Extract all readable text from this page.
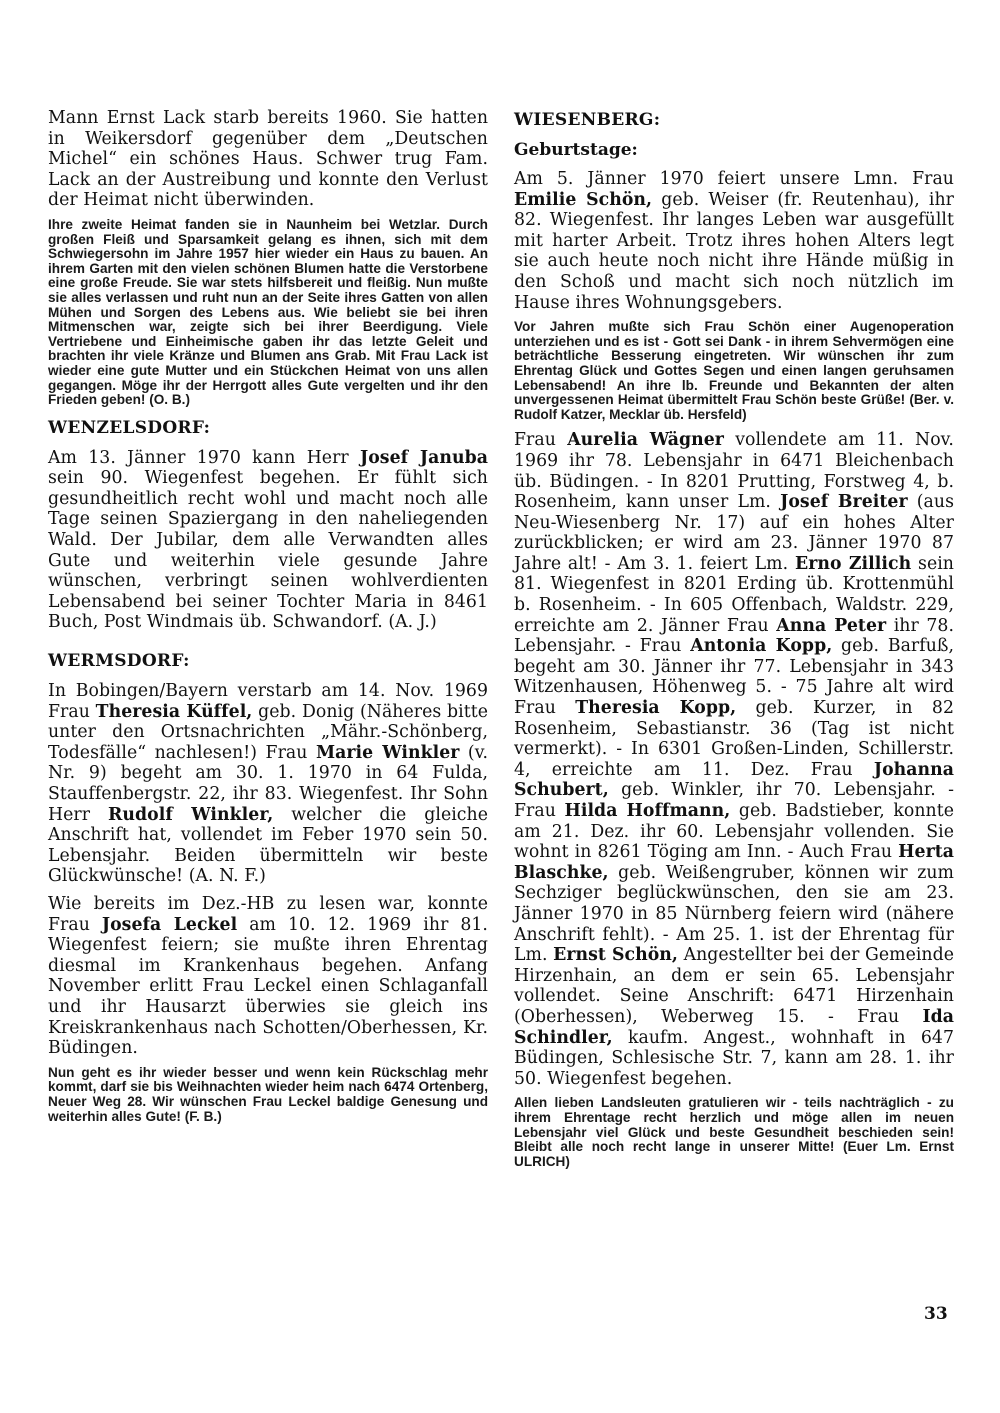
Mann Ernst Lack starb bereits 1960. Sie hatten in Weikersdorf gegenüber dem „Deutschen Michel“ ein schönes Haus. Schwer trug Fam. Lack an der Austreibung und konnte den Verlust der Heimat nicht überwinden.

Ihre zweite Heimat fanden sie in Naunheim bei Wetzlar. Durch großen Fleiß und Sparsamkeit gelang es ihnen, sich mit dem Schwiegersohn im Jahre 1957 hier wieder ein Haus zu bauen. An ihrem Garten mit den vielen schönen Blumen hatte die Verstorbene eine große Freude. Sie war stets hilfsbereit und fleißig. Nun mußte sie alles verlassen und ruht nun an der Seite ihres Gatten von allen Mühen und Sorgen des Lebens aus. Wie beliebt sie bei ihren Mitmenschen war, zeigte sich bei ihrer Beerdigung. Viele Vertriebene und Einheimische gaben ihr das letzte Geleit und brachten ihr viele Kränze und Blumen ans Grab. Mit Frau Lack ist wieder eine gute Mutter und ein Stückchen Heimat von uns allen gegangen. Möge ihr der Herrgott alles Gute vergelten und ihr den Frieden geben! (O. B.)

WENZELSDORF:

Am 13. Jänner 1970 kann Herr Josef Januba sein 90. Wiegenfest begehen. Er fühlt sich gesundheitlich recht wohl und macht noch alle Tage seinen Spaziergang in den naheliegenden Wald. Der Jubilar, dem alle Verwandten alles Gute und weiterhin viele gesunde Jahre wünschen, verbringt seinen wohlverdienten Lebensabend bei seiner Tochter Maria in 8461 Buch, Post Windmais üb. Schwandorf. (A. J.)

WERMSDORF:

In Bobingen/Bayern verstarb am 14. Nov. 1969 Frau Theresia Küffel, geb. Donig (Näheres bitte unter den Ortsnachrichten „Mähr.-Schönberg, Todesfälle“ nachlesen!) Frau Marie Winkler (v. Nr. 9) begeht am 30. 1. 1970 in 64 Fulda, Stauffenbergstr. 22, ihr 83. Wiegenfest. Ihr Sohn Herr Rudolf Winkler, welcher die gleiche Anschrift hat, vollendet im Feber 1970 sein 50. Lebensjahr. Beiden übermitteln wir beste Glückwünsche! (A. N. F.)

Wie bereits im Dez.-HB zu lesen war, konnte Frau Josefa Leckel am 10. 12. 1969 ihr 81. Wiegenfest feiern; sie mußte ihren Ehrentag diesmal im Krankenhaus begehen. Anfang November erlitt Frau Leckel einen Schlaganfall und ihr Hausarzt überwies sie gleich ins Kreiskrankenhaus nach Schotten/Oberhessen, Kr. Büdingen.

Nun geht es ihr wieder besser und wenn kein Rückschlag mehr kommt, darf sie bis Weihnachten wieder heim nach 6474 Ortenberg, Neuer Weg 28. Wir wünschen Frau Leckel baldige Genesung und weiterhin alles Gute! (F. B.)

WIESENBERG:
Geburtstage:

Am 5. Jänner 1970 feiert unsere Lmn. Frau Emilie Schön, geb. Weiser (fr. Reutenhau), ihr 82. Wiegenfest. Ihr langes Leben war ausgefüllt mit harter Arbeit. Trotz ihres hohen Alters legt sie auch heute noch nicht ihre Hände müßig in den Schoß und macht sich noch nützlich im Hause ihres Wohnungsgebers.

Vor Jahren mußte sich Frau Schön einer Augenoperation unterziehen und es ist - Gott sei Dank - in ihrem Sehvermögen eine beträchtliche Besserung eingetreten. Wir wünschen ihr zum Ehrentag Glück und Gottes Segen und einen langen geruhsamen Lebensabend! An ihre lb. Freunde und Bekannten der alten unvergessenen Heimat übermittelt Frau Schön beste Grüße! (Ber. v. Rudolf Katzer, Mecklar üb. Hersfeld)

Frau Aurelia Wägner vollendete am 11. Nov. 1969 ihr 78. Lebensjahr in 6471 Bleichenbach üb. Büdingen. - In 8201 Prutting, Forstweg 4, b. Rosenheim, kann unser Lm. Josef Breiter (aus Neu-Wiesenberg Nr. 17) auf ein hohes Alter zurückblicken; er wird am 23. Jänner 1970 87 Jahre alt! - Am 3. 1. feiert Lm. Erno Zillich sein 81. Wiegenfest in 8201 Erding üb. Krottenmühl b. Rosenheim. - In 605 Offenbach, Waldstr. 229, erreichte am 2. Jänner Frau Anna Peter ihr 78. Lebensjahr. - Frau Antonia Kopp, geb. Barfuß, begeht am 30. Jänner ihr 77. Lebensjahr in 343 Witzenhausen, Höhenweg 5. - 75 Jahre alt wird Frau Theresia Kopp, geb. Kurzer, in 82 Rosenheim, Sebastianstr. 36 (Tag ist nicht vermerkt). - In 6301 Großen-Linden, Schillerstr. 4, erreichte am 11. Dez. Frau Johanna Schubert, geb. Winkler, ihr 70. Lebensjahr. - Frau Hilda Hoffmann, geb. Badstieber, konnte am 21. Dez. ihr 60. Lebensjahr vollenden. Sie wohnt in 8261 Töging am Inn. - Auch Frau Herta Blaschke, geb. Weißengruber, können wir zum Sechziger beglückwünschen, den sie am 23. Jänner 1970 in 85 Nürnberg feiern wird (nähere Anschrift fehlt). - Am 25. 1. ist der Ehrentag für Lm. Ernst Schön, Angestellter bei der Gemeinde Hirzenhain, an dem er sein 65. Lebensjahr vollendet. Seine Anschrift: 6471 Hirzenhain (Oberhessen), Weberweg 15. - Frau Ida Schindler, kaufm. Angest., wohnhaft in 647 Büdingen, Schlesische Str. 7, kann am 28. 1. ihr 50. Wiegenfest begehen.

Allen lieben Landsleuten gratulieren wir - teils nachträglich - zu ihrem Ehrentage recht herzlich und möge allen im neuen Lebensjahr viel Glück und beste Gesundheit beschieden sein! Bleibt alle noch recht lange in unserer Mitte! (Euer Lm. Ernst ULRICH)

33
